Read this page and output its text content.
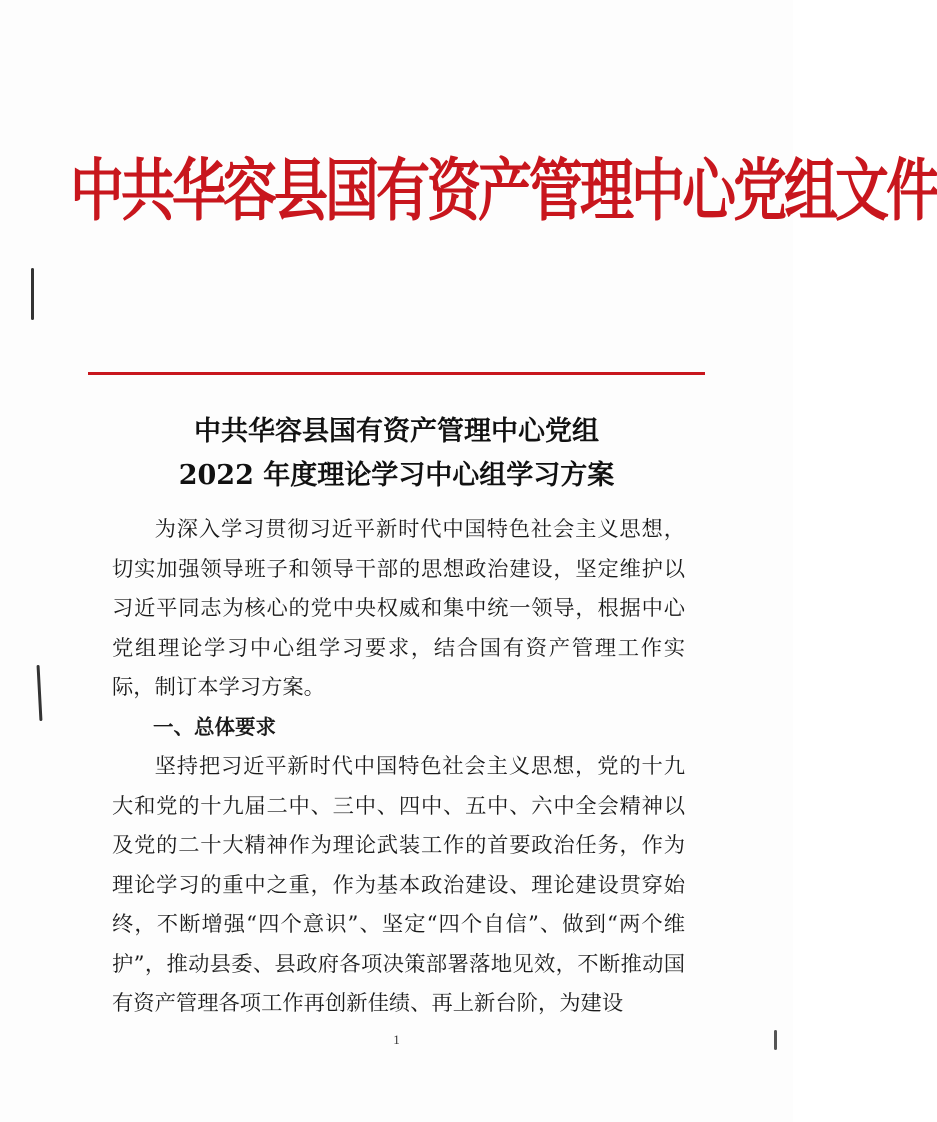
中共华容县国有资产管理中心党组文件
中共华容县国有资产管理中心党组
2022 年度理论学习中心组学习方案

为深入学习贯彻习近平新时代中国特色社会主义思想，切实加强领导班子和领导干部的思想政治建设，坚定维护以习近平同志为核心的党中央权威和集中统一领导，根据中心党组理论学习中心组学习要求，结合国有资产管理工作实际，制订本学习方案。

一、总体要求

坚持把习近平新时代中国特色社会主义思想，党的十九大和党的十九届二中、三中、四中、五中、六中全会精神以及党的二十大精神作为理论武装工作的首要政治任务，作为理论学习的重中之重，作为基本政治建设、理论建设贯穿始终，不断增强“四个意识”、坚定“四个自信”、做到“两个维护”，推动县委、县政府各项决策部署落地见效，不断推动国有资产管理各项工作再创新佳绩、再上新台阶，为建设

1
